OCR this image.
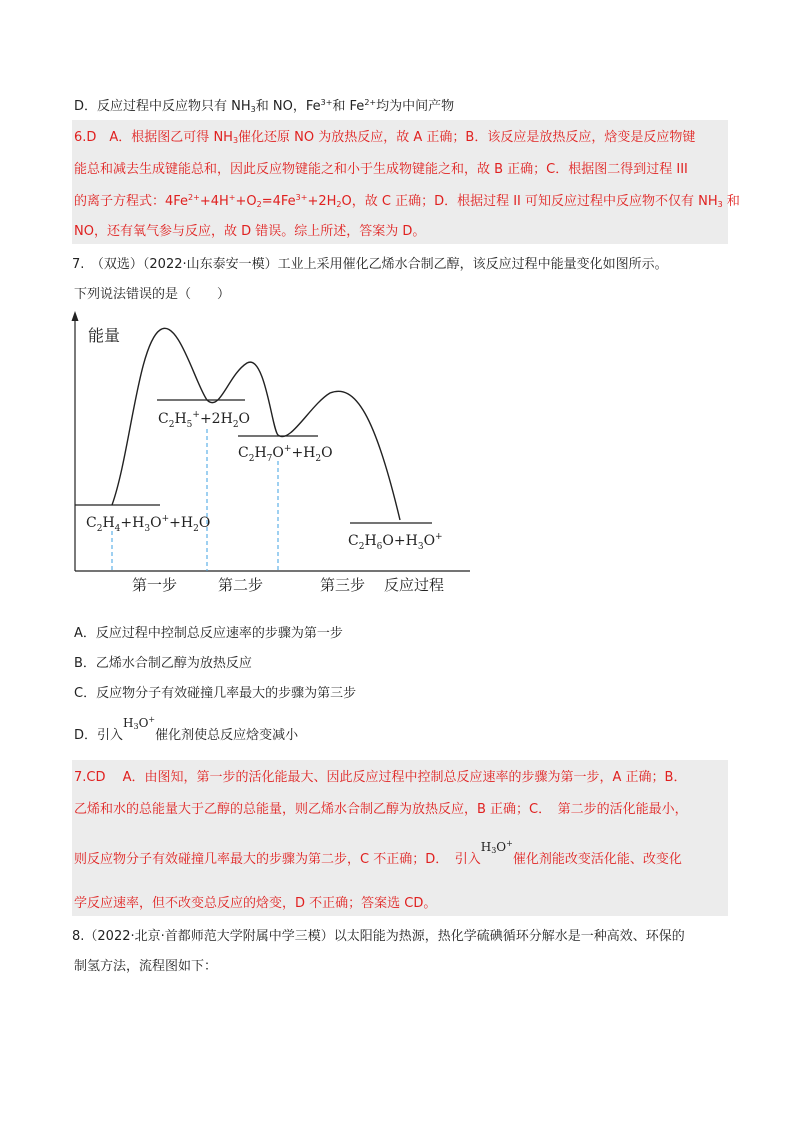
D．反应过程中反应物只有 $NH_3$和 NO，$Fe^{3+}$和 $Fe^{2+}$均为中间产物
6.D　A．根据图乙可得 $NH_3$催化还原 NO 为放热反应，故 A 正确；B．该反应是放热反应，焓变是反应物键
能总和减去生成键能总和，因此反应物键能之和小于生成物键能之和，故 B 正确；C．根据图二得到过程 III
的离子方程式：$4Fe^{2+}+4H^++O_2=4Fe^{3+}+2H_2O$，故 C 正确；D．根据过程 II 可知反应过程中反应物不仅有 $NH_3$ 和
NO，还有氧气参与反应，故 D 错误。综上所述，答案为 D。
7.　（双选）（2022·山东泰安一模）工业上采用催化乙烯水合制乙醇，该反应过程中能量变化如图所示。
下列说法错误的是（　　）
能量
$C_2H_5^++2H_2O$
$C_2H_7O^++H_2O$
$C_2H_4+H_3O^++H_2O$
$C_2H_6O+H_3O^+$
第一步	第二步	第三步 反应过程
A．反应过程中控制总反应速率的步骤为第一步
B．乙烯水合制乙醇为放热反应
C．反应物分子有效碰撞几率最大的步骤为第三步
D．引入$H_3O^+$催化剂使总反应焓变减小
7.CD　 A．由图知，第一步的活化能最大、因此反应过程中控制总反应速率的步骤为第一步，A 正确；B．
乙烯和水的总能量大于乙醇的总能量，则乙烯水合制乙醇为放热反应，B 正确；C．　第二步的活化能最小，
则反应物分子有效碰撞几率最大的步骤为第二步，C 不正确；D．　引入$H_3O^+$催化剂能改变活化能、改变化
学反应速率，但不改变总反应的焓变，D 不正确；答案选 CD。
8.（2022·北京·首都师范大学附属中学三模）以太阳能为热源，热化学硫碘循环分解水是一种高效、环保的
制氢方法，流程图如下：
